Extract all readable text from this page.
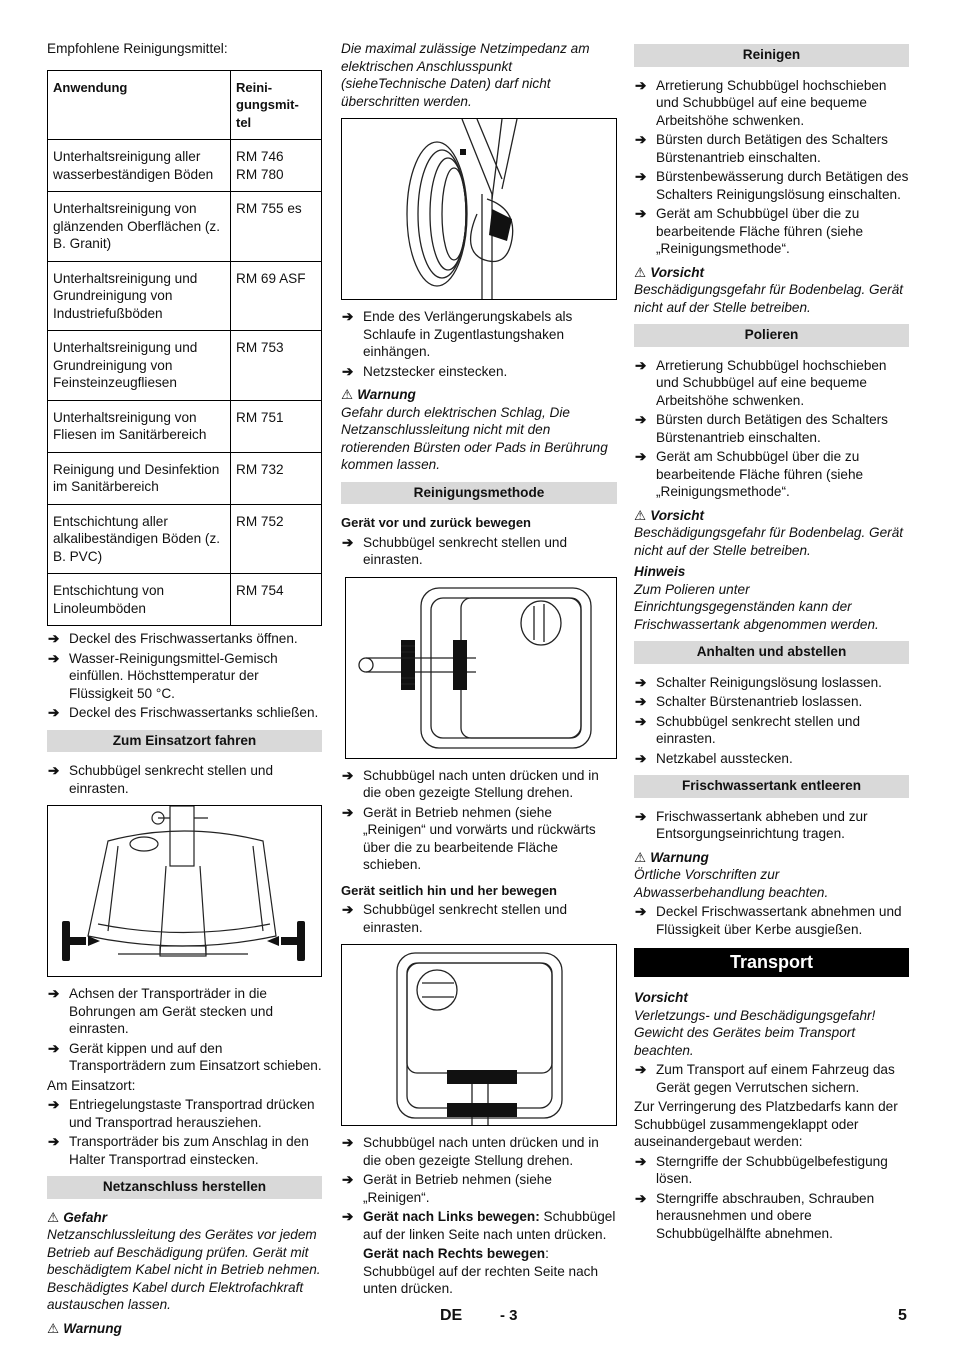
Empfohlene Reinigungsmittel:

Anwendung	Reini-
gungsmit-
tel
Unterhaltsreinigung aller wasserbeständigen Böden	RM 746
RM 780
Unterhaltsreinigung von glänzenden Oberflächen (z. B. Granit)	RM 755 es
Unterhaltsreinigung und Grundreinigung von Industriefußböden	RM 69 ASF
Unterhaltsreinigung und Grundreinigung von Feinsteinzeugfliesen	RM 753
Unterhaltsreinigung von Fliesen im Sanitärbereich	RM 751
Reinigung und Desinfektion im Sanitärbereich	RM 732
Entschichtung aller alkalibeständigen Böden (z. B. PVC)	RM 752
Entschichtung von Linoleumböden	RM 754
➔ Deckel des Frischwassertanks öffnen.
➔ Wasser-Reinigungsmittel-Gemisch einfüllen. Höchsttemperatur der Flüssigkeit 50 °C.
➔ Deckel des Frischwassertanks schließen.
Zum Einsatzort fahren
➔ Schubbügel senkrecht stellen und einrasten.
➔ Achsen der Transporträder in die Bohrungen am Gerät stecken und einrasten.
➔ Gerät kippen und auf den Transporträdern zum Einsatzort schieben.

Am Einsatzort:

➔ Entriegelungstaste Transportrad drücken und Transportrad herausziehen.
➔ Transporträder bis zum Anschlag in den Halter Transportrad einstecken.
Netzanschluss herstellen
⚠ Gefahr

Netzanschlussleitung des Gerätes vor jedem Betrieb auf Beschädigung prüfen. Gerät mit beschädigtem Kabel nicht in Betrieb nehmen. Beschädigtes Kabel durch Elektrofachkraft austauschen lassen.

⚠ Warnung

Die maximal zulässige Netzimpedanz am elektrischen Anschlusspunkt (sieheTechnische Daten) darf nicht überschritten werden.

➔ Ende des Verlängerungskabels als Schlaufe in Zugentlastungshaken einhängen.
➔ Netzstecker einstecken.
⚠ Warnung

Gefahr durch elektrischen Schlag, Die Netzanschlussleitung nicht mit den rotierenden Bürsten oder Pads in Berührung kommen lassen.

Reinigungsmethode
Gerät vor und zurück bewegen
➔ Schubbügel senkrecht stellen und einrasten.
➔ Schubbügel nach unten drücken und in die oben gezeigte Stellung drehen.
➔ Gerät in Betrieb nehmen (siehe „Reinigen“ und vorwärts und rückwärts über die zu bearbeitende Fläche schieben.
Gerät seitlich hin und her bewegen
➔ Schubbügel senkrecht stellen und einrasten.
➔ Schubbügel nach unten drücken und in die oben gezeigte Stellung drehen.
➔ Gerät in Betrieb nehmen (siehe „Reinigen“.
➔ Gerät nach Links bewegen: Schubbügel auf der linken Seite nach unten drücken.

Gerät nach Rechts bewegen: Schubbügel auf der rechten Seite nach unten drücken.

Reinigen
➔ Arretierung Schubbügel hochschieben und Schubbügel auf eine bequeme Arbeitshöhe schwenken.
➔ Bürsten durch Betätigen des Schalters Bürstenantrieb einschalten.
➔ Bürstenbewässerung durch Betätigen des Schalters Reinigungslösung einschalten.
➔ Gerät am Schubbügel über die zu bearbeitende Fläche führen (siehe „Reinigungsmethode“.
⚠ Vorsicht

Beschädigungsgefahr für Bodenbelag. Gerät nicht auf der Stelle betreiben.

Polieren
➔ Arretierung Schubbügel hochschieben und Schubbügel auf eine bequeme Arbeitshöhe schwenken.
➔ Bürsten durch Betätigen des Schalters Bürstenantrieb einschalten.
➔ Gerät am Schubbügel über die zu bearbeitende Fläche führen (siehe „Reinigungsmethode“.
⚠ Vorsicht

Beschädigungsgefahr für Bodenbelag. Gerät nicht auf der Stelle betreiben.

Hinweis

Zum Polieren unter Einrichtungsgegenständen kann der Frischwassertank abgenommen werden.

Anhalten und abstellen
➔ Schalter Reinigungslösung loslassen.
➔ Schalter Bürstenantrieb loslassen.
➔ Schubbügel senkrecht stellen und einrasten.
➔ Netzkabel ausstecken.
Frischwassertank entleeren
➔ Frischwassertank abheben und zur Entsorgungseinrichtung tragen.
⚠ Warnung

Örtliche Vorschriften zur Abwasserbehandlung beachten.

➔ Deckel Frischwassertank abnehmen und Flüssigkeit über Kerbe ausgießen.
Transport
Vorsicht

Verletzungs- und Beschädigungsgefahr! Gewicht des Gerätes beim Transport beachten.

➔ Zum Transport auf einem Fahrzeug das Gerät gegen Verrutschen sichern.

Zur Verringerung des Platzbedarfs kann der Schubbügel zusammengeklappt oder auseinandergebaut werden:

➔ Sterngriffe der Schubbügelbefestigung lösen.
➔ Sterngriffe abschrauben, Schrauben herausnehmen und obere Schubbügelhälfte abnehmen.
DE	- 3	5
